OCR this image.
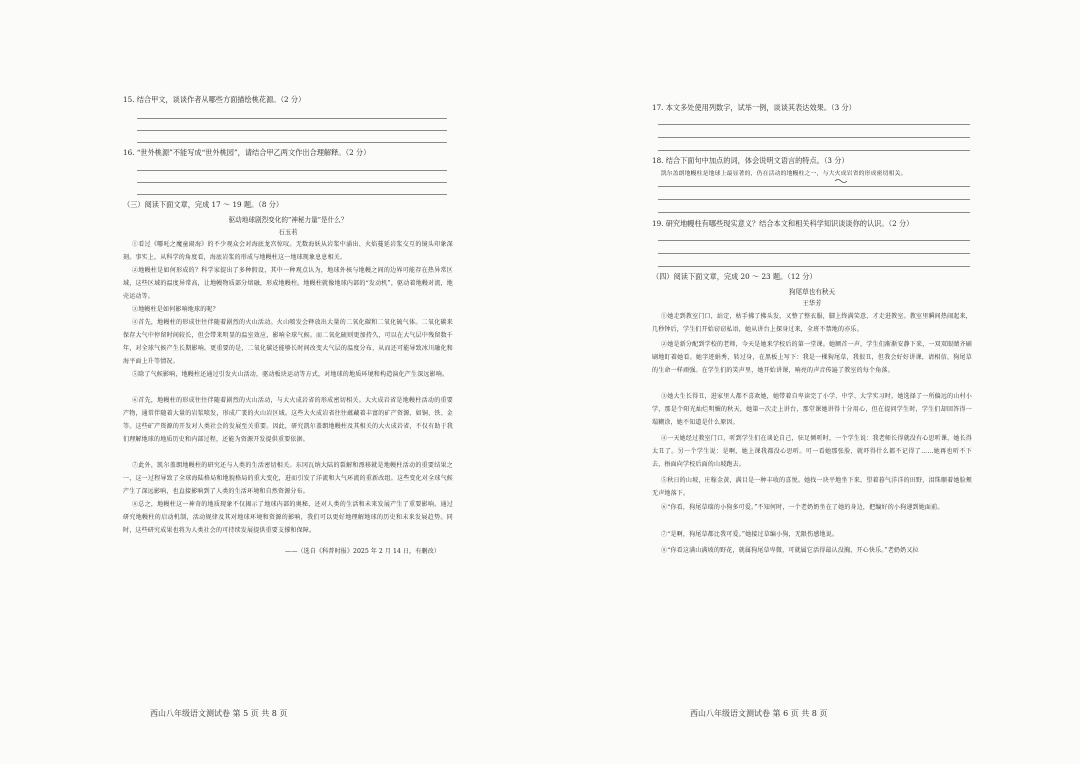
15. 结合甲文，谈谈作者从哪些方面描绘桃花源。（2 分）
16. “世外桃源”不能写成“世外桃园”，请结合甲乙两文作出合理解释。（2 分）
（三）阅读下面文章，完成 17 ～ 19 题。（8 分）
驱动地球剧烈变化的“神秘力量”是什么？
石玉若
①看过《哪吒之魔童闹海》的不少观众会对海底龙宫惊叹。无数海妖从岩浆中涌出、火焰蔓延岩浆交互的镜头印象深刻。事实上，从科学的角度看，海底岩浆的形成与地幔柱这一地球现象息息相关。
②地幔柱是如何形成的？科学家提出了多种假设，其中一种观点认为，地球外核与地幔之间的边界可能存在热异常区域，这些区域的温度异常高，让地幔物质部分熔融，形成地幔柱。地幔柱就像地球内部的“发动机”，驱动着地幔对流，地壳运动等。
③地幔柱是如何影响地球的呢？
④首先，地幔柱的形成往往伴随着剧烈的火山活动。火山喷发会释放出大量的二氧化碳和二氧化硫气体。二氧化碳来保存大气中停留时间较长，但会带来明显的温室效应，影响全球气候。而二氧化硫则更加持久，可以在大气层中残留数千年，对全球气候产生长期影响。更重要的是，二氧化碳还能够长时间改变大气层的温度分布，从而还可能导致冰川融化和海平面上升等情况。
⑤除了气候影响，地幔柱还通过引发火山活动，驱动板块运动等方式，对地球的地质环境和构造演化产生深远影响。
⑥首先，地幔柱的形成往往伴随着剧烈的火山活动，与大火成岩省的形成密切相关。大火成岩省是地幔柱活动的重要产物，通常伴随着大量的岩浆喷发，形成广袤的火山岩区域。这些大火成岩省往往蕴藏着丰富的矿产资源，如铜、铁、金等。这些矿产资源的开发对人类社会的发展至关重要。因此，研究凯尔盖朗地幔柱及其相关的大火成岩省，不仅有助于我们理解地球的地质历史和内部过程，还能为资源开发提供重要依据。
⑦此外，凯尔盖朗地幔柱的研究还与人类的生活密切相关。东冈瓦纳大陆的裂解和漂移就是地幔柱活动的重要结果之一，这一过程导致了全球海陆格局和地貌格局的重大变化，进而引发了洋流和大气环流的重新改组。这些变化对全球气候产生了深远影响，也直接影响到了人类的生活环境和自然资源分布。
⑧总之，地幔柱这一神奇的地质现象不仅揭示了地球内部的奥秘，还对人类的生活和未来发展产生了重要影响。通过研究地幔柱的启动机制，活动规律及其对地球环境和资源的影响，我们可以更好地理解地球的历史和未来发展趋势。同时，这些研究成果也将为人类社会的可持续发展提供重要支撑和保障。
——（选自《科普时报》2025 年 2 月 14 日，有删改）
西山八年级语文测试卷 第 5 页 共 8 页
17. 本文多处使用列数字，试举一例，谈谈其表达效果。（3 分）
18. 结合下面句中加点的词，体会说明文语言的特点。（3 分）
凯尔盖朗地幔柱是地球上最显著的，仍在活动的地幔柱之一，与大火成岩省的形成密切相关。
19. 研究地幔柱有哪些现实意义？结合本文和相关科学知识谈谈你的认识。（2 分）
（四）阅读下面文章，完成 20 ～ 23 题。（12 分）
狗尾草也有秋天
王华芳
①她走到教室门口，站定，枯手拂了拂头发，又整了整衣服，脚上终满笑意，才走进教室。教室里瞬间热闹起来，几秒钟后，学生们开始窃窃私语，她从讲台上探身过来，全班不禁地的亦乐。
②她是新分配到学校的老师，今天是她来学校后的第一堂课。她额首一声，学生们渐渐安静下来，一双双眼睛齐刷刷地盯着她看。她字迹娟秀，转过身，在黑板上写下：我是一棵狗尾草，我很丑，但我会好好讲课，请相信，狗尾草的生命一样顽强。在学生们的笑声里，她开始讲课，响亮的声音传遍了教室的每个角落。
③她大生长得丑，进家里人都不喜欢她，她带着自卑读完了小学、中学、大学实习时，她选择了一所偏远的山村小学，那是个阳光灿烂明媚的秋天，她第一次走上讲台，那堂课她讲得十分用心，但在提问学生时，学生们却回答得一塌糊涂，她不知道是什么原因。
④一天她经过教室门口，听到学生们在谈论自己，驻足倾听时，一个学生说：我老师长得就没有心思听课，她长得太丑了。另一个学生说：是啊，她上课我都没心思听。可一看她那张脸，就吓得什么都不记得了……她再也听不下去，捂面向学校后面的山坡跑去。
⑤秋日的山坡，庄稼金黄，满目是一种丰收的喜悦。她找一块平地坐下来，望着暮气洋洋的田野，泪珠顺着她脸颊无声地落下。
⑥“你看，狗尾草瑞的小狗多可爱。”不知何时，一个老奶奶坐在了她的身边，把编好的小狗递到她面前。
⑦“是啊，狗尾草都比我可爱。”她接过草编小狗，无限伤感地说。
⑧“你看这满山满坡的野花，就属狗尾草卑微，可就属它活得最认没胸，开心快乐。”老奶奶又拉
西山八年级语文测试卷 第 6 页 共 8 页
